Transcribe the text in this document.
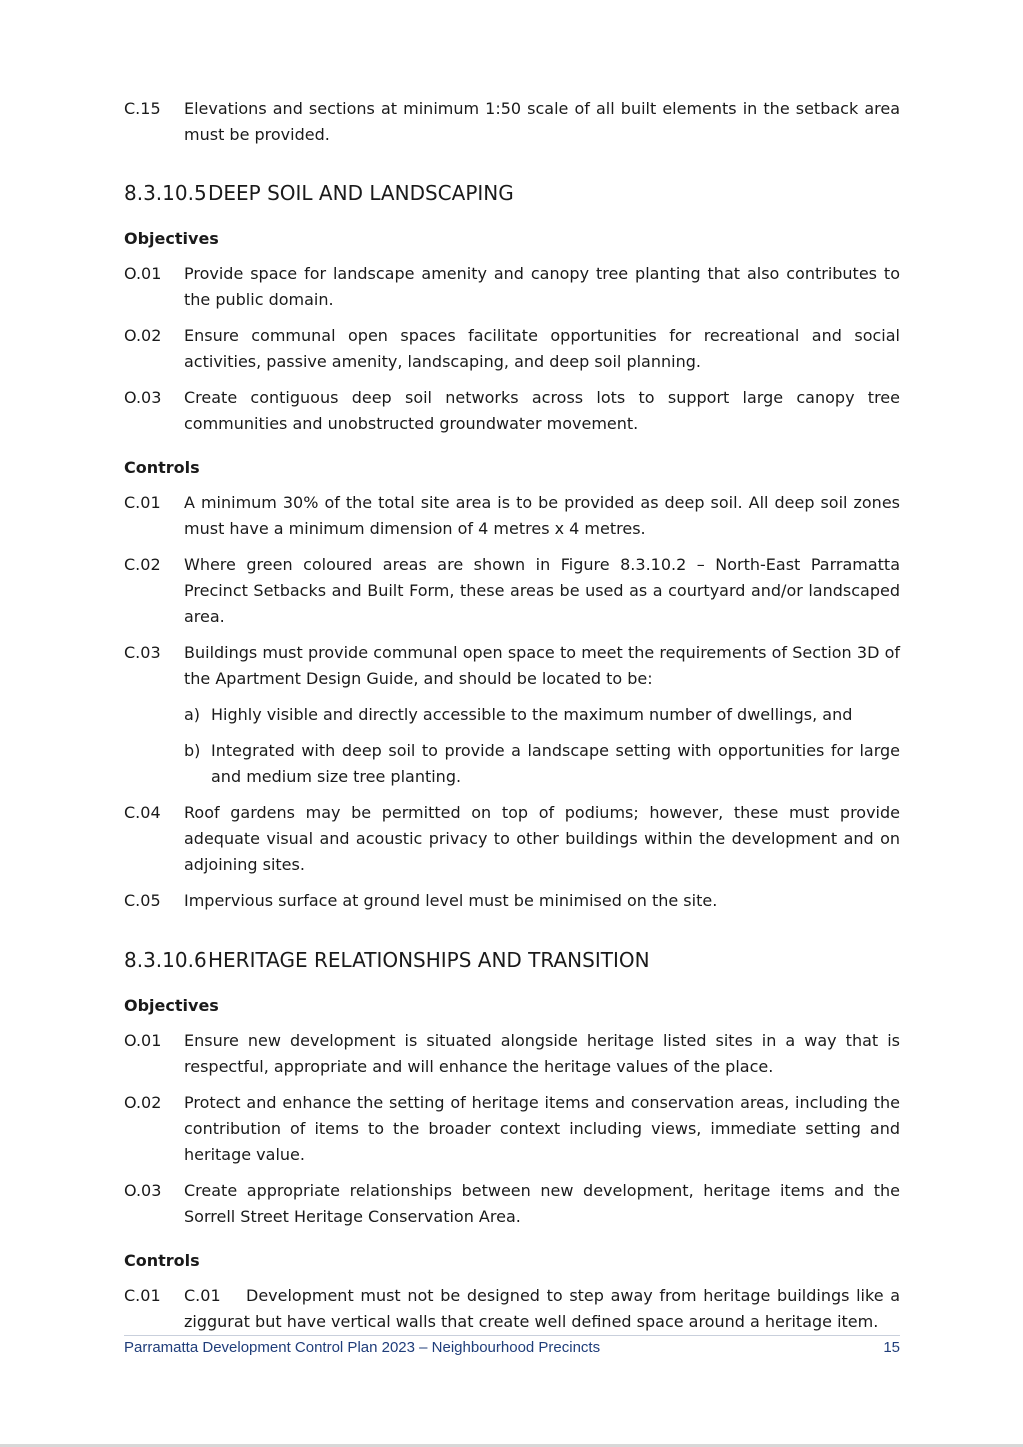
C.15	Elevations and sections at minimum 1:50 scale of all built elements in the setback area must be provided.
8.3.10.5DEEP SOIL AND LANDSCAPING
Objectives
O.01	Provide space for landscape amenity and canopy tree planting that also contributes to the public domain.
O.02	Ensure communal open spaces facilitate opportunities for recreational and social activities, passive amenity, landscaping, and deep soil planning.
O.03	Create contiguous deep soil networks across lots to support large canopy tree communities and unobstructed groundwater movement.
Controls
C.01	A minimum 30% of the total site area is to be provided as deep soil. All deep soil zones must have a minimum dimension of 4 metres x 4 metres.
C.02	Where green coloured areas are shown in Figure 8.3.10.2 – North-East Parramatta Precinct Setbacks and Built Form, these areas be used as a courtyard and/or landscaped area.
C.03	Buildings must provide communal open space to meet the requirements of Section 3D of the Apartment Design Guide, and should be located to be:
a) Highly visible and directly accessible to the maximum number of dwellings, and
b) Integrated with deep soil to provide a landscape setting with opportunities for large and medium size tree planting.
C.04	Roof gardens may be permitted on top of podiums; however, these must provide adequate visual and acoustic privacy to other buildings within the development and on adjoining sites.
C.05	Impervious surface at ground level must be minimised on the site.
8.3.10.6HERITAGE RELATIONSHIPS AND TRANSITION
Objectives
O.01	Ensure new development is situated alongside heritage listed sites in a way that is respectful, appropriate and will enhance the heritage values of the place.
O.02	Protect and enhance the setting of heritage items and conservation areas, including the contribution of items to the broader context including views, immediate setting and heritage value.
O.03	Create appropriate relationships between new development, heritage items and the Sorrell Street Heritage Conservation Area.
Controls
C.01	C.01 Development must not be designed to step away from heritage buildings like a ziggurat but have vertical walls that create well defined space around a heritage item.
Parramatta Development Control Plan 2023 – Neighbourhood Precincts	15
